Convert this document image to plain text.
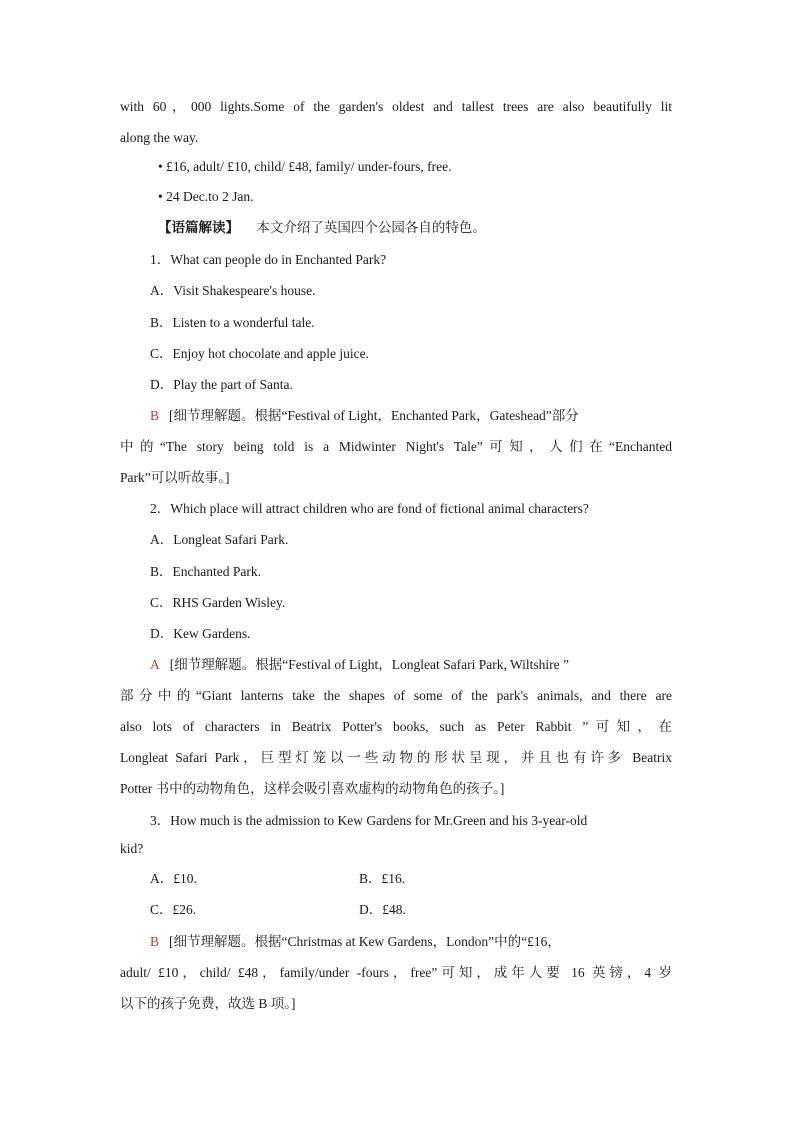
with 60，000 lights.Some of the garden's oldest and tallest trees are also beautifully lit
along the way.
• £16, adult/ £10, child/ £48, family/ under-fours, free.
• 24 Dec.to 2 Jan.
【语篇解读】 本文介绍了英国四个公园各自的特色。
1．What can people do in Enchanted Park?
A．Visit Shakespeare's house.
B．Listen to a wonderful tale.
C．Enjoy hot chocolate and apple juice.
D．Play the part of Santa.
B [细节理解题。根据“Festival of Light，Enchanted Park，Gateshead”部分
中的“The story being told is a Midwinter Night's Tale”可知，人们在“Enchanted
Park”可以听故事。]
2．Which place will attract children who are fond of fictional animal characters?
A．Longleat Safari Park.
B．Enchanted Park.
C．RHS Garden Wisley.
D．Kew Gardens.
A [细节理解题。根据“Festival of Light，Longleat Safari Park, Wiltshire ”
部分中的“Giant lanterns take the shapes of some of the park's animals, and there are
also lots of characters in Beatrix Potter's books, such as Peter Rabbit ”可知，在
Longleat Safari Park，巨型灯笼以一些动物的形状呈现，并且也有许多 Beatrix
Potter 书中的动物角色，这样会吸引喜欢虚构的动物角色的孩子。]
3．How much is the admission to Kew Gardens for Mr.Green and his 3-year-old
kid?
A．£10.	B．£16.
C．£26.	D．£48.
B [细节理解题。根据“Christmas at Kew Gardens，London”中的“£16，
adult/ £10，child/ £48，family/under -fours，free”可知，成年人要 16 英镑，4 岁
以下的孩子免费，故选 B 项。]
